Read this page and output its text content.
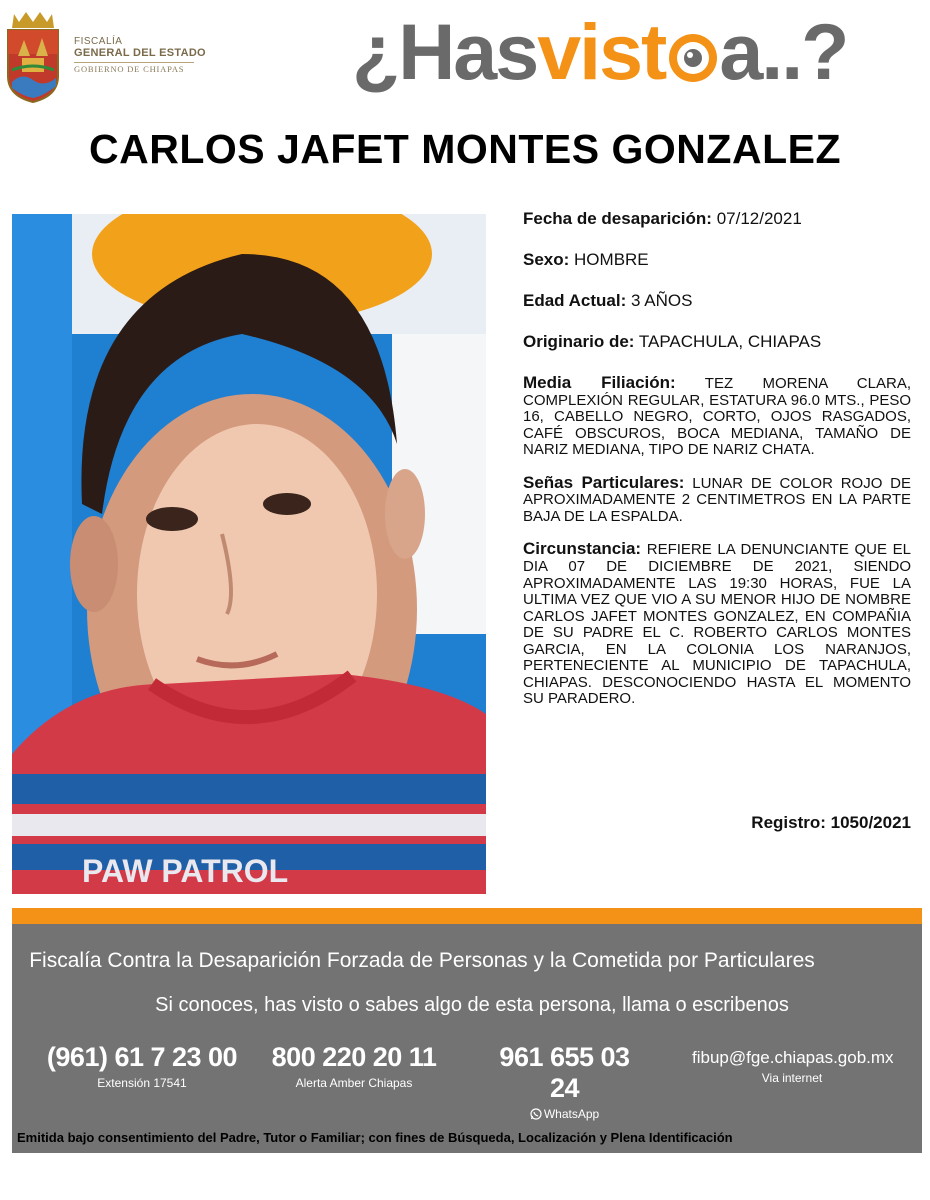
FISCALÍA
GENERAL DEL ESTADO
GOBIERNO DE CHIAPAS ¿Hasvist a..?
CARLOS JAFET MONTES GONZALEZ
PAW PATROL
Fecha de desaparición: 07/12/2021
Sexo: HOMBRE
Edad Actual: 3 AÑOS
Originario de: TAPACHULA, CHIAPAS
Media Filiación: TEZ MORENA CLARA, COMPLEXIÓN REGULAR, ESTATURA 96.0 MTS., PESO 16, CABELLO NEGRO, CORTO, OJOS RASGADOS, CAFÉ OBSCUROS, BOCA MEDIANA, TAMAÑO DE NARIZ MEDIANA, TIPO DE NARIZ CHATA.
Señas Particulares: LUNAR DE COLOR ROJO DE APROXIMADAMENTE 2 CENTIMETROS EN LA PARTE BAJA DE LA ESPALDA.
Circunstancia: REFIERE LA DENUNCIANTE QUE EL DIA 07 DE DICIEMBRE DE 2021, SIENDO APROXIMADAMENTE LAS 19:30 HORAS, FUE LA ULTIMA VEZ QUE VIO A SU MENOR HIJO DE NOMBRE CARLOS JAFET MONTES GONZALEZ, EN COMPAÑIA DE SU PADRE EL C. ROBERTO CARLOS MONTES GARCIA, EN LA COLONIA LOS NARANJOS, PERTENECIENTE AL MUNICIPIO DE TAPACHULA, CHIAPAS. DESCONOCIENDO HASTA EL MOMENTO SU PARADERO.
Registro: 1050/2021
Fiscalía Contra la Desaparición Forzada de Personas y la Cometida por Particulares
Si conoces, has visto o sabes algo de esta persona, llama o escribenos
(961) 61 7 23 00
Extensión 17541
800 220 20 11
Alerta Amber Chiapas
961 655 03 24
WhatsApp
fibup@fge.chiapas.gob.mx
Via internet
Emitida bajo consentimiento del Padre, Tutor o Familiar; con fines de Búsqueda, Localización y Plena Identificación
